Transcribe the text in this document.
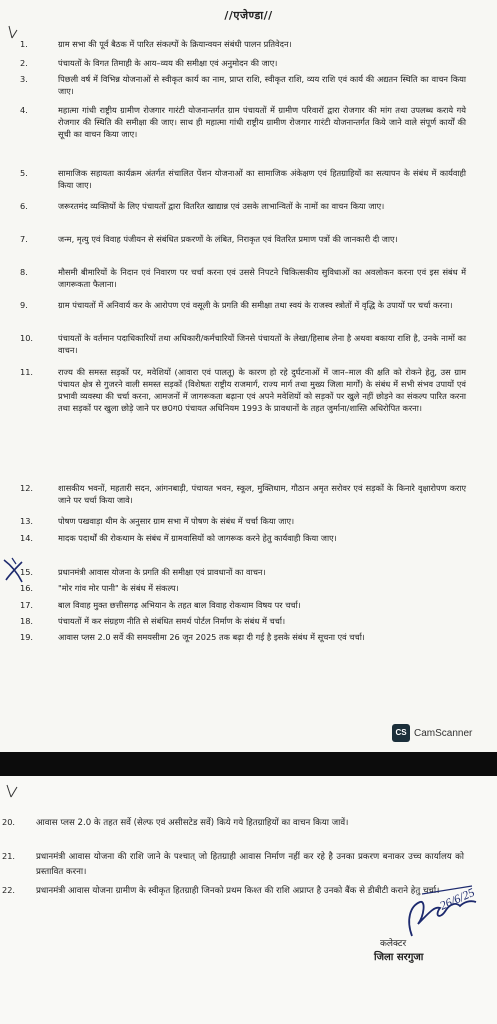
//एजेण्डा//
1.	ग्राम सभा की पूर्व बैठक में पारित संकल्पों के क्रियान्वयन संबंधी पालन प्रतिवेदन।
2.	पंचायतों के विगत तिमाही के आय–व्यय की समीक्षा एवं अनुमोदन की जाए।
3.	पिछली वर्ष में विभिन्न योजनाओं से स्वीकृत कार्य का नाम, प्राप्त राशि, स्वीकृत राशि, व्यय राशि एवं कार्य की अद्यतन स्थिति का वाचन किया जाए।
4.	महात्मा गांधी राष्ट्रीय ग्रामीण रोजगार गारंटी योजनान्तर्गत ग्राम पंचायतों में ग्रामीण परिवारों द्वारा रोजगार की मांग तथा उपलब्ध कराये गये रोजगार की स्थिति की समीक्षा की जाए। साथ ही महात्मा गांधी राष्ट्रीय ग्रामीण रोजगार गारंटी योजनान्तर्गत किये जाने वाले संपूर्ण कार्यों की सूची का वाचन किया जाए।
5.	सामाजिक सहायता कार्यक्रम अंतर्गत संचालित पेंशन योजनाओं का सामाजिक अंकेक्षण एवं हितग्राहियों का सत्यापन के संबंध में कार्यवाही किया जाए।
6.	जरूरतमंद व्यक्तियों के लिए पंचायतों द्वारा वितरित खाद्यान्न एवं उसके लाभान्वितों के नामों का वाचन किया जाए।
7.	जन्म, मृत्यु एवं विवाह पंजीयन से संबंधित प्रकरणों के लंबित, निराकृत एवं वितरित प्रमाण पत्रों की जानकारी दी जाए।
8.	मौसमी बीमारियों के निदान एवं निवारण पर चर्चा करना एवं उससे निपटने चिकित्सकीय सुविधाओं का अवलोकन करना एवं इस संबंध में जागरूकता फैलाना।
9.	ग्राम पंचायतों में अनिवार्य कर के आरोपण एवं वसूली के प्रगति की समीक्षा तथा स्वयं के राजस्व स्त्रोतों में वृद्धि के उपायों पर चर्चा करना।
10.	पंचायतों के वर्तमान पदाधिकारियों तथा अधिकारी/कर्मचारियों जिनसे पंचायतों के लेखा/हिसाब लेना है अथवा बकाया राशि है, उनके नामों का वाचन।
11.	राज्य की समस्त सड़कों पर, मवेशियों (आवारा एवं पालतू) के कारण हो रहे दुर्घटनाओं में जान–माल की क्षति को रोकने हेतु, उस ग्राम पंचायत क्षेत्र से गुजरने वाली समस्त सड़कों (विशेषतः राष्ट्रीय राजमार्ग, राज्य मार्ग तथा मुख्य जिला मार्गों) के संबंध में सभी संभव उपायों एवं प्रभावी व्यवस्था की चर्चा करना, आमजनों में जागरूकता बढ़ाना एवं अपने मवेशियों को सड़कों पर खुले नहीं छोड़ने का संकल्प पारित करना तथा सड़कों पर खुला छोड़े जाने पर छ0ग0 पंचायत अधिनियम 1993 के प्रावधानों के तहत जुर्माना/शास्ति अधिरोपित करना।
12.	शासकीय भवनों, महतारी सदन, आंगनबाड़ी, पंचायत भवन, स्कूल, मुक्तिधाम, गौठान अमृत सरोवर एवं सड़कों के किनारे वृक्षारोपण कराए जाने पर चर्चा किया जावे।
13.	पोषण पखवाड़ा थीम के अनुसार ग्राम सभा में पोषण के संबंध में चर्चा किया जाए।
14.	मादक पदार्थों की रोकथाम के संबंध में ग्रामवासियों को जागरूक करने हेतु कार्यवाही किया जाए।
15.	प्रधानमंत्री आवास योजना के प्रगति की समीक्षा एवं प्रावधानों का वाचन।
16.	"मोर गांव मोर पानी" के संबंध में संकल्प।
17.	बाल विवाह मुक्त छत्तीसगढ़ अभियान के तहत बाल विवाह रोकथाम विषय पर चर्चा।
18.	पंचायतों में कर संग्रहण नीति से संबंधित समर्थ पोर्टल निर्माण के संबंध में चर्चा।
19.	आवास प्लस 2.0 सर्वे की समयसीमा 26 जून 2025 तक बढ़ा दी गई है इसके संबंध में सूचना एवं चर्चा।
CS CamScanner
20. आवास प्लस 2.0 के तहत सर्वे (सेल्फ एवं असीसटेड सर्वे) किये गये हितग्राहियों का वाचन किया जावें।
21. प्रधानमंत्री आवास योजना की राशि जाने के पश्चात् जो हितग्राही आवास निर्माण नहीं कर रहे है उनका प्रकरण बनाकर उच्च कार्यालय को प्रस्तावित करना।
22. प्रधानमंत्री आवास योजना ग्रामीण के स्वीकृत हितग्राही जिनको प्रथम किश्त की राशि अप्राप्त है उनको बैंक से डीबीटी कराने हेतु चर्चा।
26/6/25
कलेक्टर
जिला सरगुजा
